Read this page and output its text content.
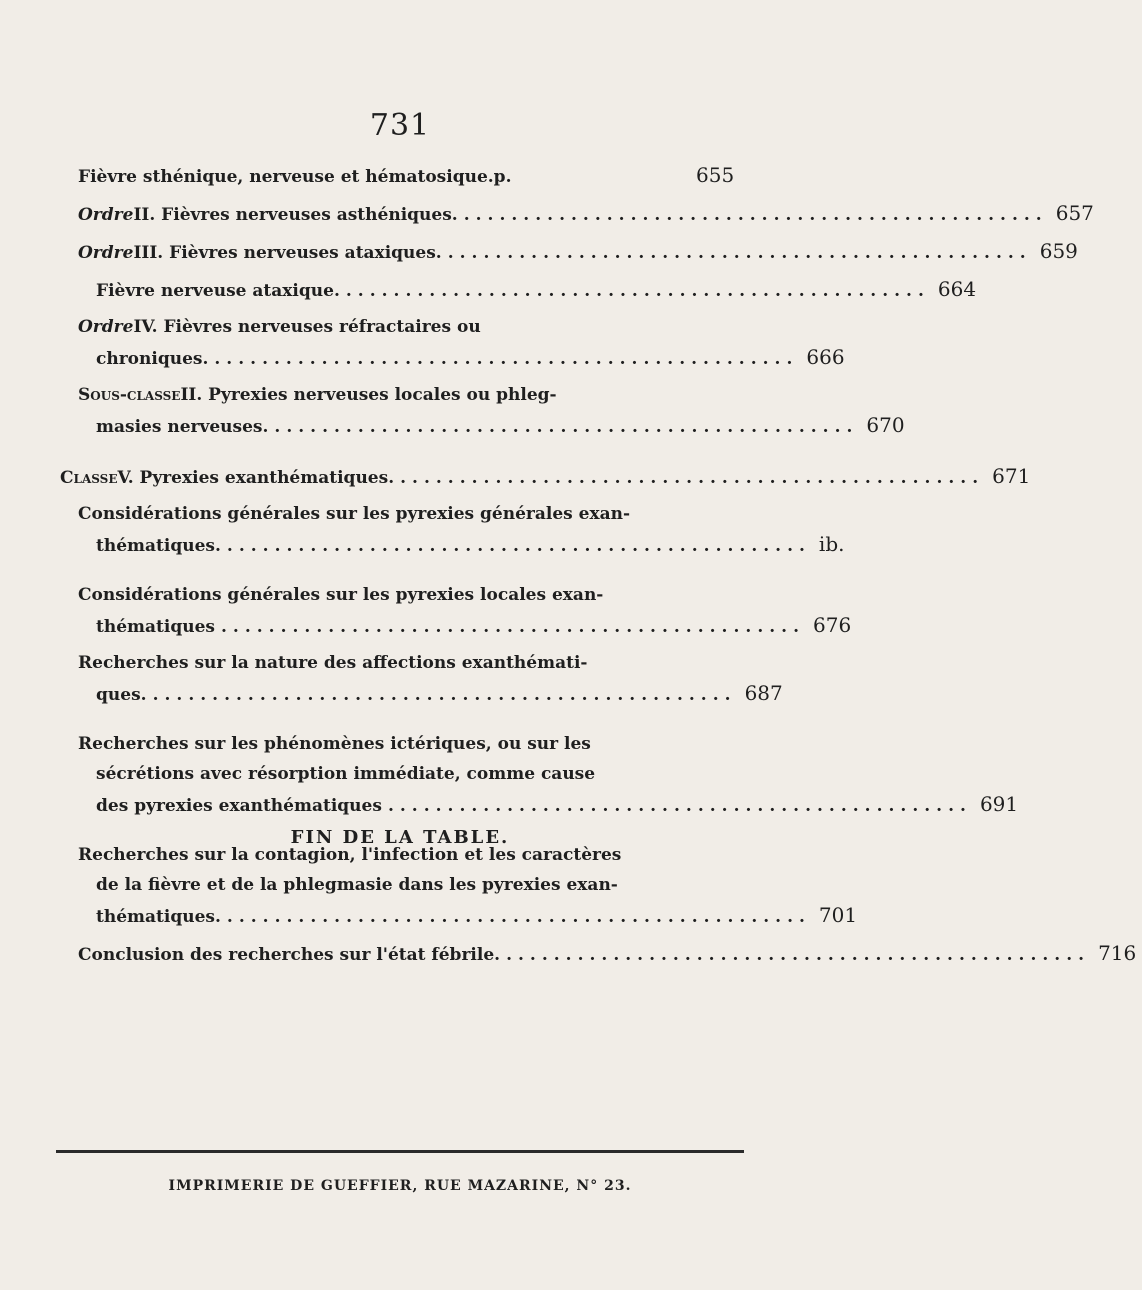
731
Fièvre sthénique, nerveuse et hématosique.p.	655
Ordre II. Fièvres nerveuses asthéniques. ................................................. 657
Ordre III. Fièvres nerveuses ataxiques. ................................................. 659
Fièvre nerveuse ataxique. ................................................. 664
Ordre IV. Fièvres nerveuses réfractaires ou
chroniques. ................................................. 666
Sous-classe II. Pyrexies nerveuses locales ou phleg-
masies nerveuses. ................................................. 670
Classe V. Pyrexies exanthématiques. ................................................. 671
Considérations générales sur les pyrexies générales exan-
thématiques. ................................................. ib.
Considérations générales sur les pyrexies locales exan-
thématiques ................................................. 676
Recherches sur la nature des affections exanthémati-
ques. ................................................. 687
Recherches sur les phénomènes ictériques, ou sur les
sécrétions avec résorption immédiate, comme cause
des pyrexies exanthématiques ................................................. 691
Recherches sur la contagion, l'infection et les caractères
de la fièvre et de la phlegmasie dans les pyrexies exan-
thématiques. ................................................. 701
Conclusion des recherches sur l'état fébrile. ................................................. 716
FIN DE LA TABLE.
IMPRIMERIE DE GUEFFIER, RUE MAZARINE, N° 23.
